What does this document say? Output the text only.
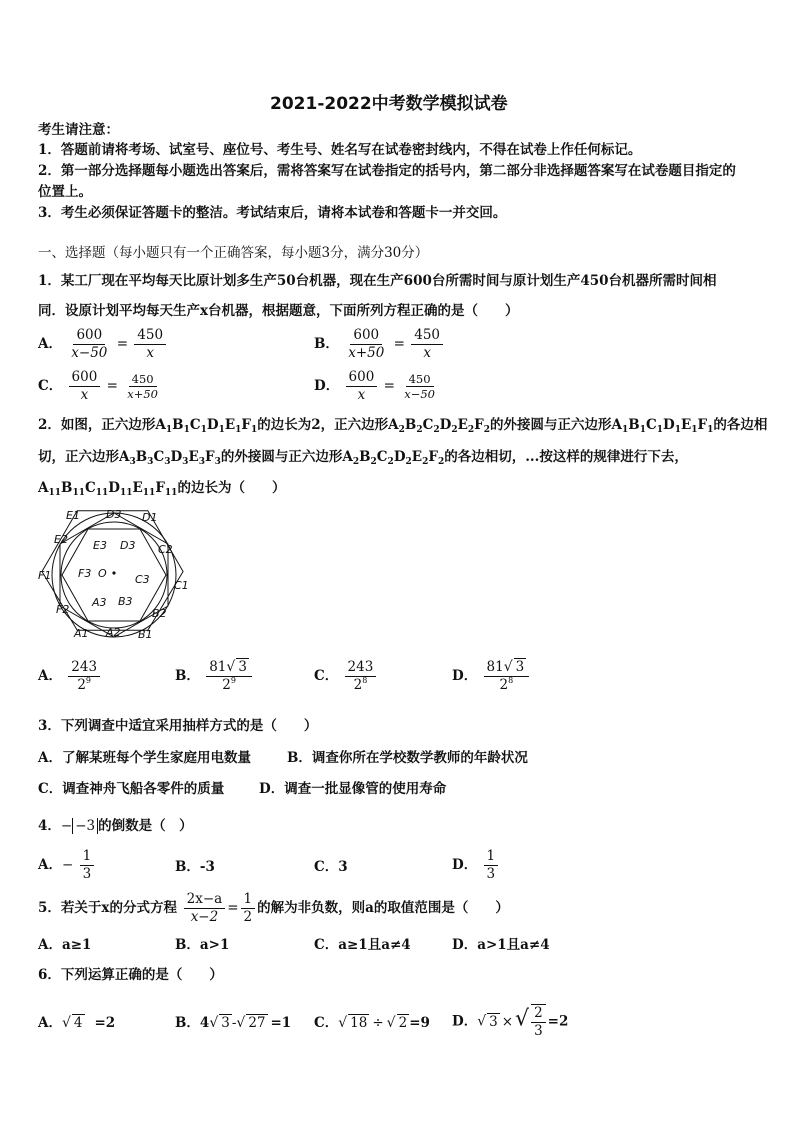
2021-2022中考数学模拟试卷
考生请注意：
1．答题前请将考场、试室号、座位号、考生号、姓名写在试卷密封线内，不得在试卷上作任何标记。
2．第一部分选择题每小题选出答案后，需将答案写在试卷指定的括号内，第二部分非选择题答案写在试卷题目指定的
位置上。
3．考生必须保证答题卡的整洁。考试结束后，请将本试卷和答题卡一并交回。
一、选择题（每小题只有一个正确答案，每小题3分，满分30分）
1．某工厂现在平均每天比原计划多生产50台机器，现在生产600台所需时间与原计划生产450台机器所需时间相
同．设原计划平均每天生产x台机器，根据题意，下面所列方程正确的是（　　）
A． $\frac{600}{x-50} = \frac{450}{x}$	B． $\frac{600}{x+50} = \frac{450}{x}$
C． $\frac{600}{x} = \frac{450}{x+50}$	D． $\frac{600}{x} = \frac{450}{x-50}$
2．如图，正六边形$A_1B_1C_1D_1E_1F_1$的边长为2，正六边形$A_2B_2C_2D_2E_2F_2$的外接圆与正六边形$A_1B_1C_1D_1E_1F_1$的各边相
切，正六边形$A_3B_3C_3D_3E_3F_3$的外接圆与正六边形$A_2B_2C_2D_2E_2F_2$的各边相切，...按这样的规律进行下去，
$A_{11}B_{11}C_{11}D_{11}E_{11}F_{11}$的边长为（　　）
E1 D3 D1
E2 E3 D3 C2
F1 F3 O	C3 C1
F2
A3 B3
B2
A1 A2 B1
A． $\frac{243}{2^9}$	B． $\frac{81√ 3}{2^9}$	C． $\frac{243}{2^8}$	D． $\frac{81√ 3}{2^8}$
3．下列调查中适宜采用抽样方式的是（　　）
A．了解某班每个学生家庭用电数量	B．调查你所在学校数学教师的年龄状况
C．调查神舟飞船各零件的质量	D．调查一批显像管的使用寿命
4．− −3 的倒数是（　）
A．− $\frac{1}{3}$	B．-3	C．3	D． $\frac{1}{3}$
5．若关于x的分式方程 $\frac{2x-a}{x-2} = \frac{1}{2}$ 的解为非负数，则a的取值范围是（　　）
A．a≥1	B．a>1	C．a≥1且a≠4	D．a>1且a≠4
6．下列运算正确的是（　　）
A．√ 4 =2	B．4√ 3 -√ 27 =1 C．√ 18 ÷ √ 2 =9 D．√ 3 ×√ $\frac{2}{3} =2$
